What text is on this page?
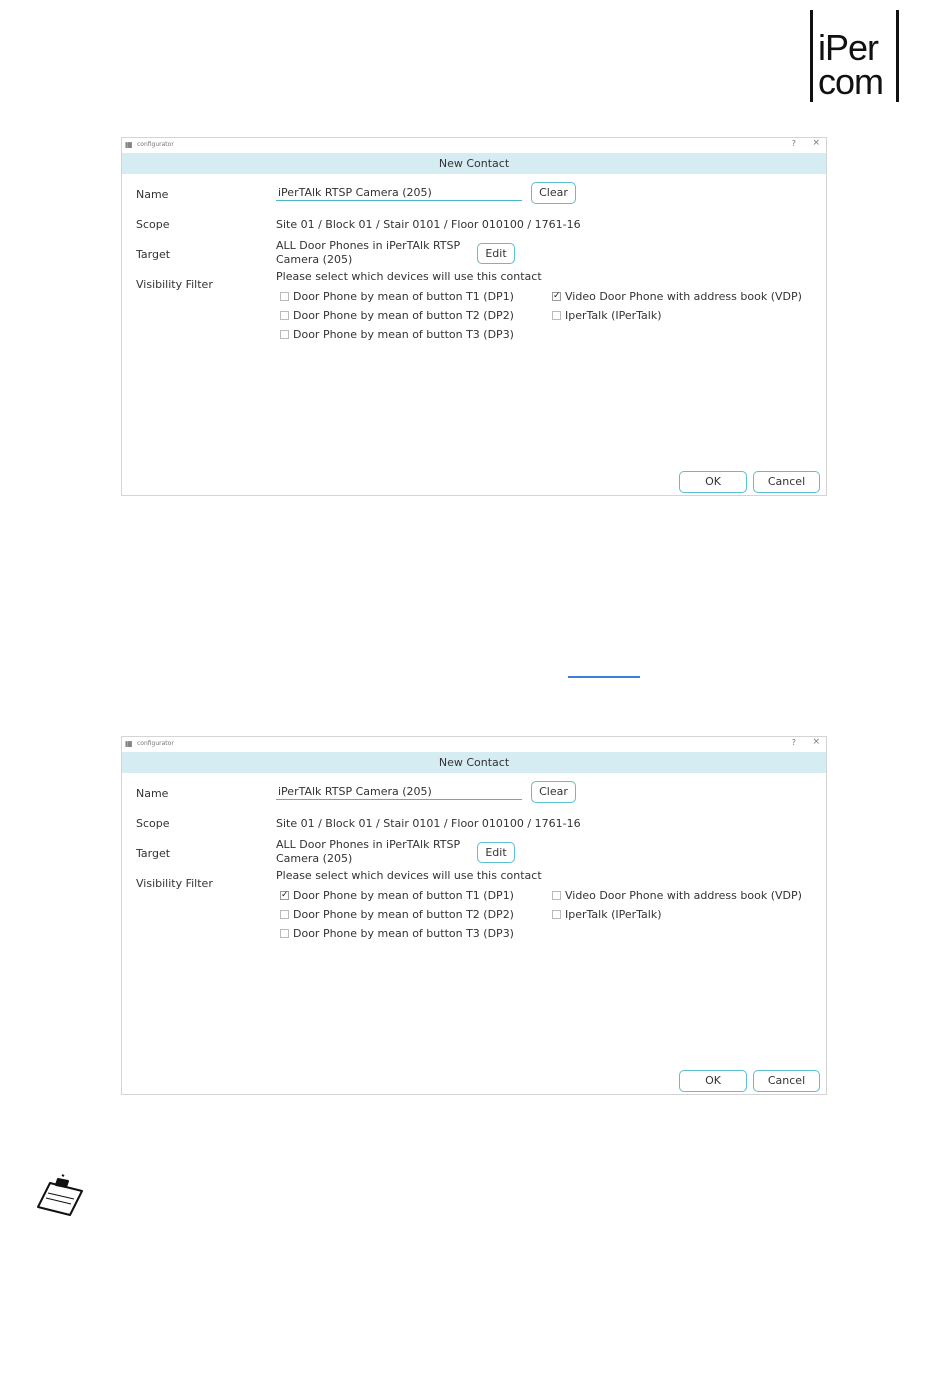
iPer
com
▦ configurator	? ×
New Contact
Name	iPerTAlk RTSP Camera (205)	Clear
Scope	Site 01 / Block 01 / Stair 0101 / Floor 010100 / 1761-16
Target
ALL Door Phones in iPerTAlk RTSP Camera (205)	Edit
Visibility Filter
Please select which devices will use this contact
Door Phone by mean of button T1 (DP1)
Door Phone by mean of button T2 (DP2)
Door Phone by mean of button T3 (DP3)
✓ Video Door Phone with address book (VDP)
IperTalk (IPerTalk)
OK	Cancel
▦ configurator	? ×
New Contact
Name	iPerTAlk RTSP Camera (205)	Clear
Scope	Site 01 / Block 01 / Stair 0101 / Floor 010100 / 1761-16
Target
ALL Door Phones in iPerTAlk RTSP Camera (205)	Edit
Visibility Filter
Please select which devices will use this contact
✓ Door Phone by mean of button T1 (DP1)
Door Phone by mean of button T2 (DP2)
Door Phone by mean of button T3 (DP3)
Video Door Phone with address book (VDP)
IperTalk (IPerTalk)
OK	Cancel
